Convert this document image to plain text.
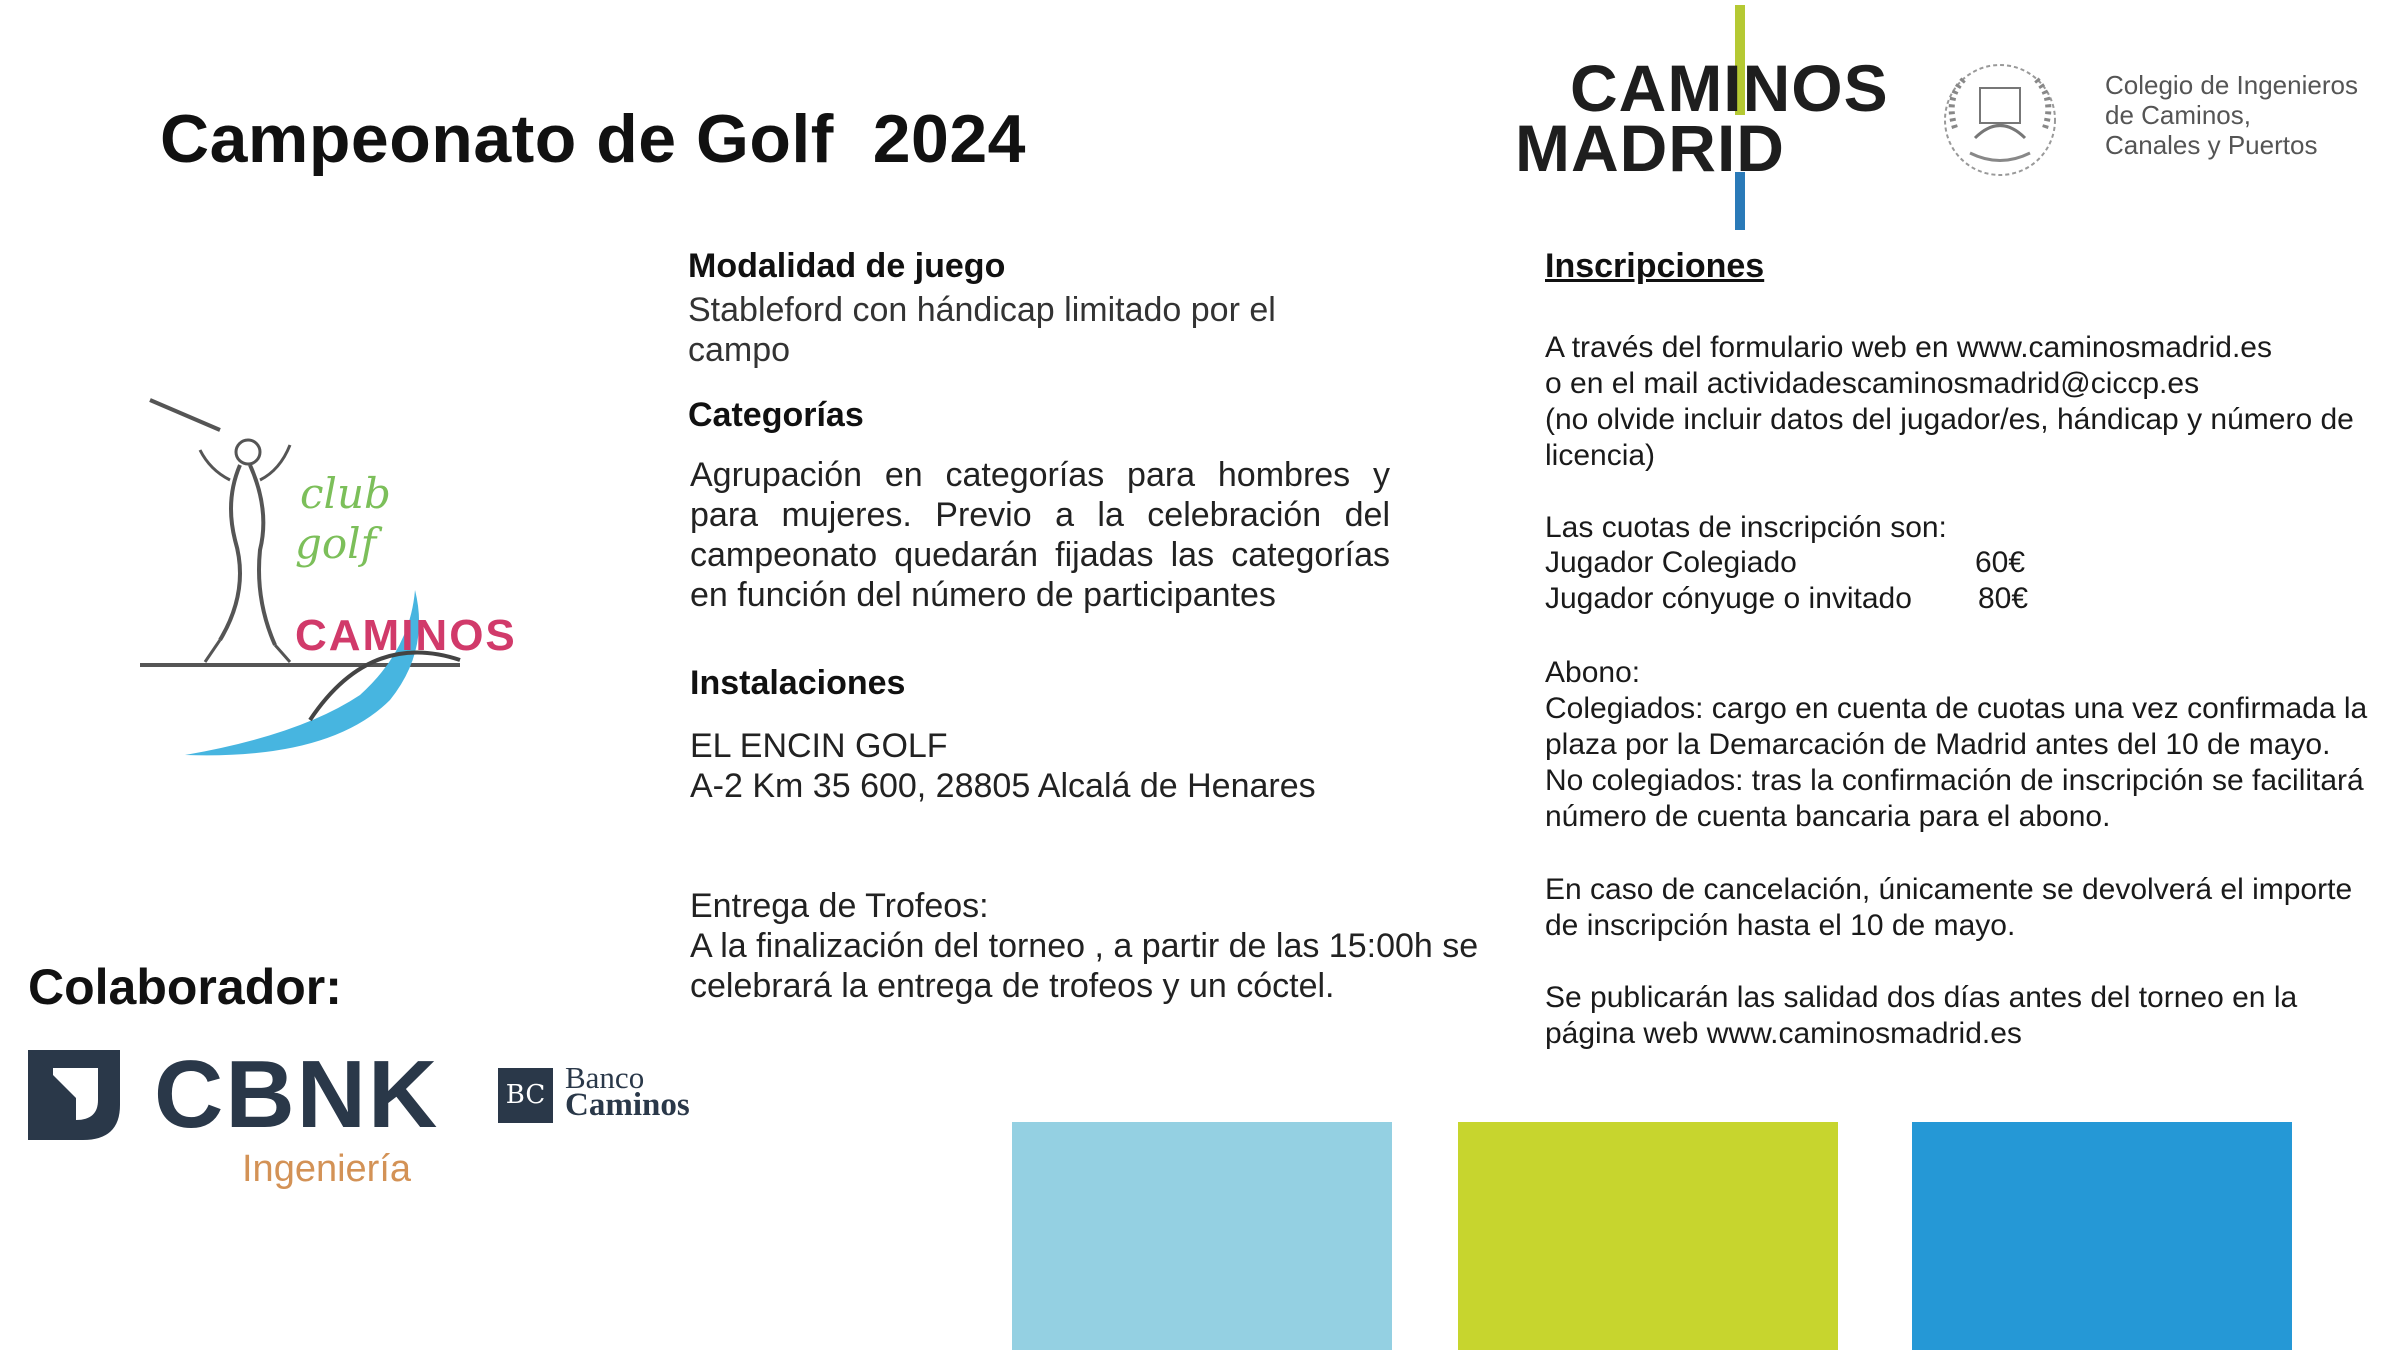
Campeonato de Golf  2024
CAMINOS
MADRID
Colegio de Ingenieros
de Caminos,
Canales y Puertos
club
golf
CAMINOS
Modalidad de juego
Stableford con hándicap limitado por el campo
Categorías
Agrupación en categorías para hombres y para mujeres. Previo a la celebración del campeonato quedarán fijadas las categorías en función del número de participantes
Instalaciones
EL ENCIN GOLF
A-2 Km 35 600, 28805 Alcalá de Henares
Entrega de Trofeos:
A la finalización del torneo , a partir de las 15:00h se celebrará la entrega de trofeos y un cóctel.
Inscripciones
A través del formulario web en www.caminosmadrid.es
o en el mail actividadescaminosmadrid@ciccp.es
(no olvide incluir datos del jugador/es, hándicap y número de licencia)
Las cuotas de inscripción son:
Jugador Colegiado	60€
Jugador cónyuge o invitado 80€
Abono:
Colegiados: cargo en cuenta de cuotas una vez confirmada la plaza por la Demarcación de Madrid antes del 10 de mayo.
No colegiados: tras la confirmación de inscripción se facilitará número de cuenta bancaria para el abono.
En caso de cancelación, únicamente se devolverá el importe de inscripción hasta el 10 de mayo.
Se publicarán las salidad dos días antes del torneo en la página web www.caminosmadrid.es
Colaborador:
CBNK
Ingeniería
BC Banco
Caminos
